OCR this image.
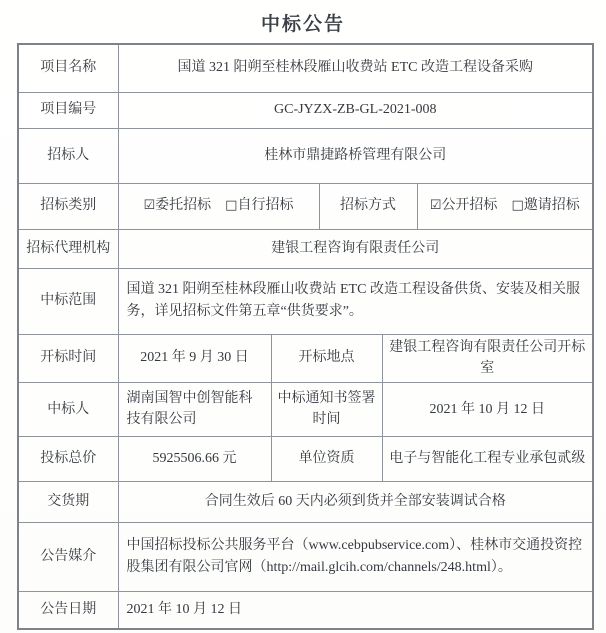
中标公告
项目名称	国道 321 阳朔至桂林段雁山收费站 ETC 改造工程设备采购				
项目编号	GC-JYZX-ZB-GL-2021-008				
招标人	桂林市鼎捷路桥管理有限公司				
招标类别	☑委托招标 □自行招标		招标方式		☑公开招标 □邀请招标
招标代理机构	建银工程咨询有限责任公司				
中标范围	国道 321 阳朔至桂林段雁山收费站 ETC 改造工程设备供货、安装及相关服务，详见招标文件第五章“供货要求”。				
开标时间	2021 年 9 月 30 日	开标地点		建银工程咨询有限责任公司开标室	
中标人	湖南国智中创智能科技有限公司	中标通知书签署时间		2021 年 10 月 12 日	
投标总价	5925506.66 元	单位资质		电子与智能化工程专业承包贰级	
交货期	合同生效后 60 天内必须到货并全部安装调试合格				
公告媒介	中国招标投标公共服务平台（www.cebpubservice.com）、桂林市交通投资控股集团有限公司官网（http://mail.glcih.com/channels/248.html）。				
公告日期	2021 年 10 月 12 日				
